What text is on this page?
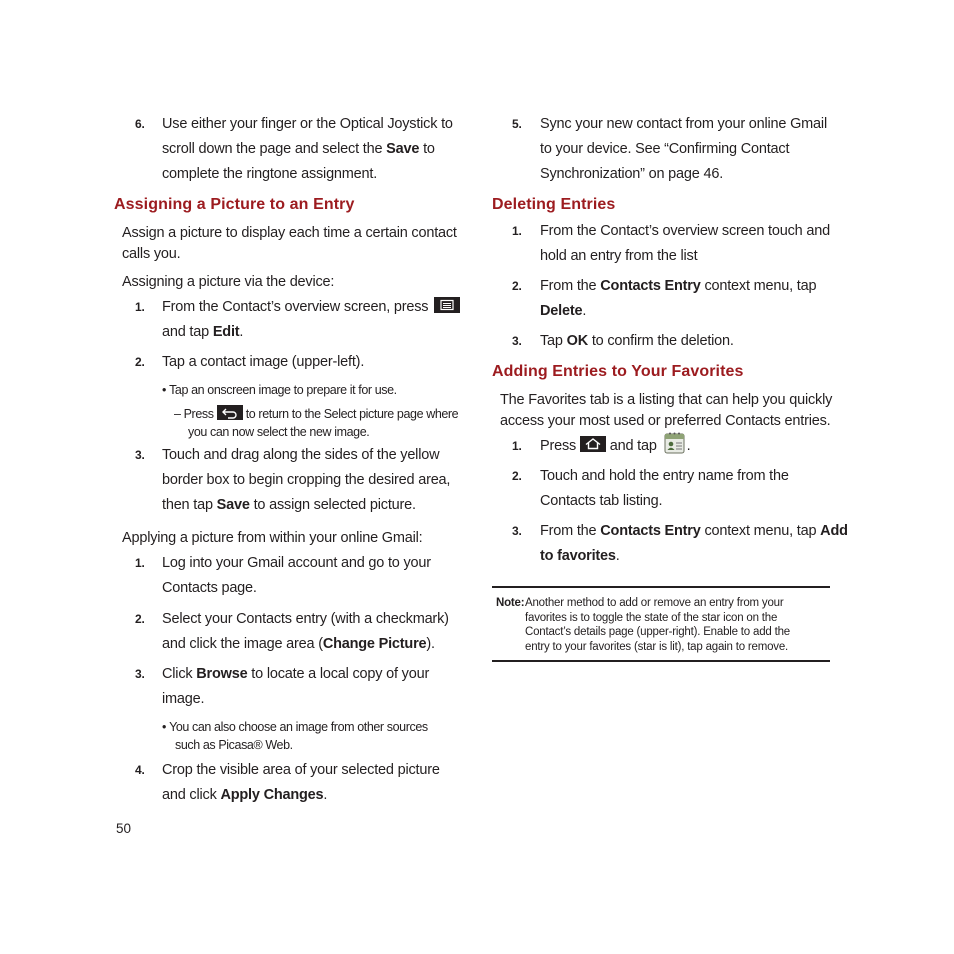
6. Use either your finger or the Optical Joystick to
scroll down the page and select the Save to
complete the ringtone assignment.
Assigning a Picture to an Entry
Assign a picture to display each time a certain contact calls you.
Assigning a picture via the device:
1. From the Contact’s overview screen, press
and tap Edit.
2. Tap a contact image (upper-left).
• Tap an onscreen image to prepare it for use.
– Press	to return to the Select picture page where
you can now select the new image.
3. Touch and drag along the sides of the yellow
border box to begin cropping the desired area,
then tap Save to assign selected picture.
Applying a picture from within your online Gmail:
1. Log into your Gmail account and go to your
Contacts page.
2. Select your Contacts entry (with a checkmark)
and click the image area (Change Picture).
3. Click Browse to locate a local copy of your
image.
• You can also choose an image from other sources
such as Picasa® Web.
4. Crop the visible area of your selected picture
and click Apply Changes.
50
5. Sync your new contact from your online Gmail
to your device. See “Confirming Contact
Synchronization” on page 46.
Deleting Entries
1. From the Contact’s overview screen touch and
hold an entry from the list
2. From the Contacts Entry context menu, tap
Delete.
3. Tap OK to confirm the deletion.
Adding Entries to Your Favorites
The Favorites tab is a listing that can help you quickly access your most used or preferred Contacts entries.
1. Press and tap .
2. Touch and hold the entry name from the
Contacts tab listing.
3. From the Contacts Entry context menu, tap Add
to favorites.
Note: Another method to add or remove an entry from your
favorites is to toggle the state of the star icon on the
Contact’s details page (upper-right). Enable to add the
entry to your favorites (star is lit), tap again to remove.
